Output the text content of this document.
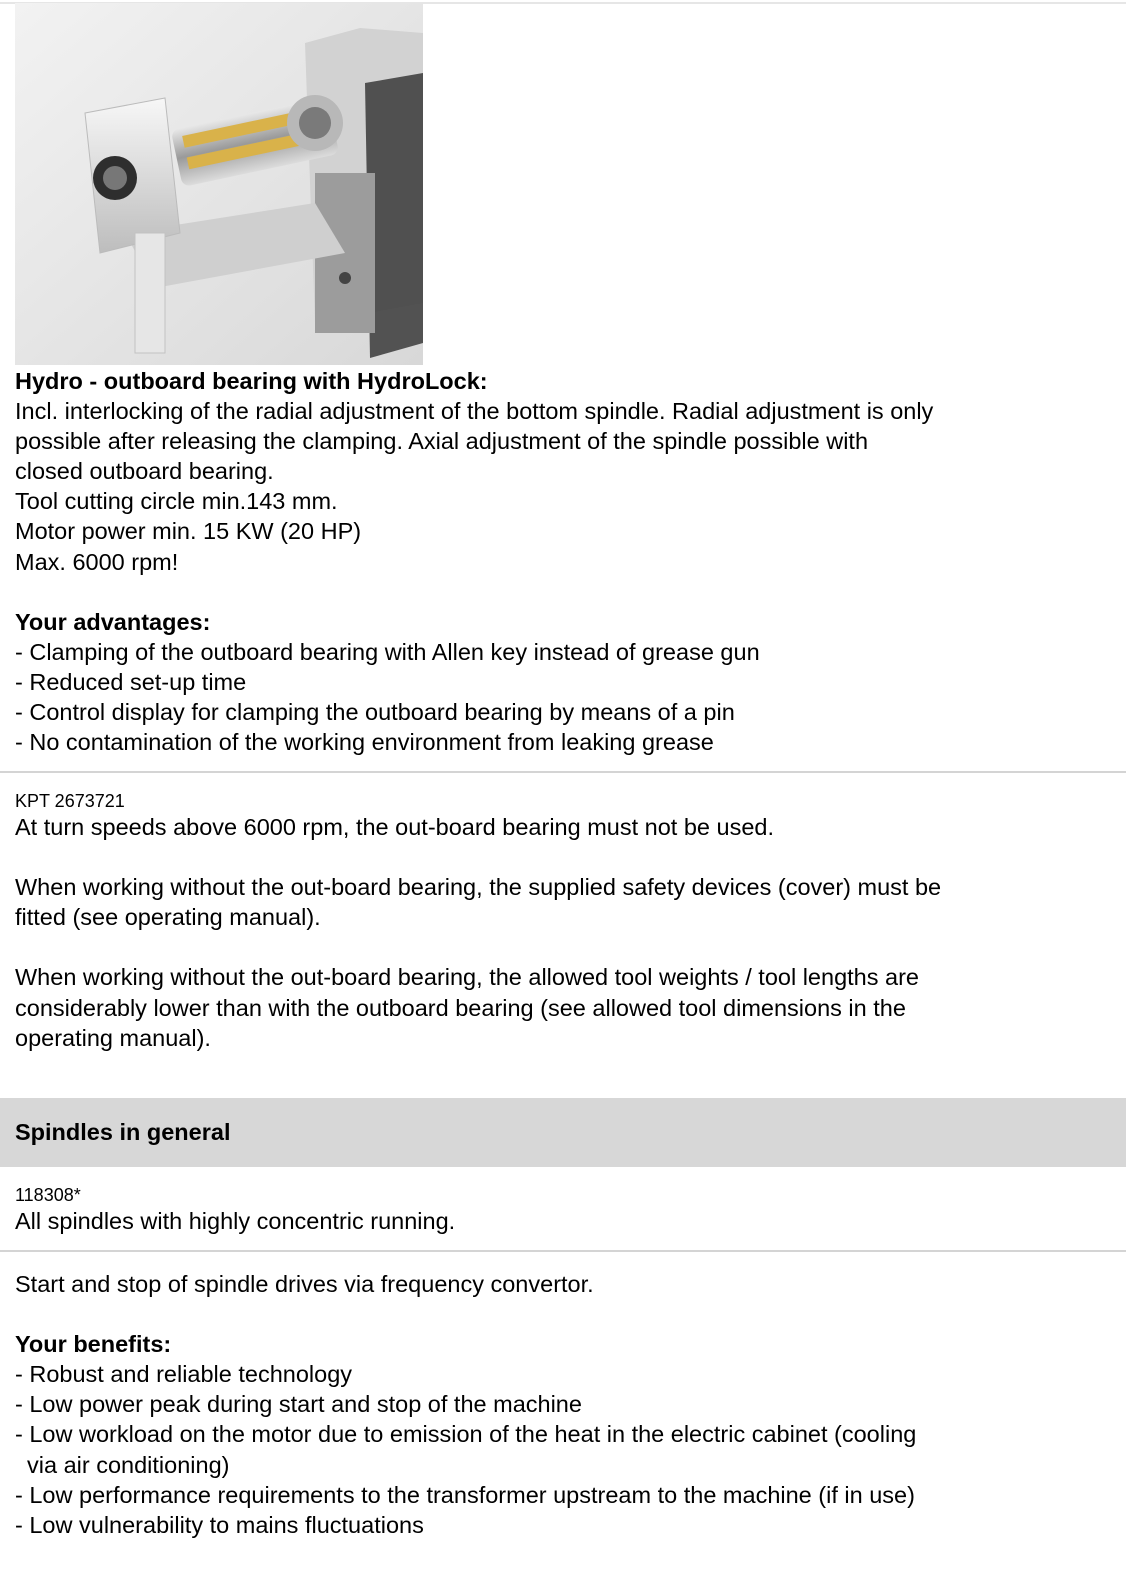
Hydro - outboard bearing with HydroLock:
Incl. interlocking of the radial adjustment of the bottom spindle. Radial adjustment is only
possible after releasing the clamping. Axial adjustment of the spindle possible with
closed outboard bearing.
Tool cutting circle min.143 mm.
Motor power min. 15 KW (20 HP)
Max. 6000 rpm!
Your advantages:
- Clamping of the outboard bearing with Allen key instead of grease gun
- Reduced set-up time
- Control display for clamping the outboard bearing by means of a pin
- No contamination of the working environment from leaking grease
KPT 2673721
At turn speeds above 6000 rpm, the out-board bearing must not be used.
When working without the out-board bearing, the supplied safety devices (cover) must be
fitted (see operating manual).
When working without the out-board bearing, the allowed tool weights / tool lengths are
considerably lower than with the outboard bearing (see allowed tool dimensions in the
operating manual).
Spindles in general
118308*
All spindles with highly concentric running.
Start and stop of spindle drives via frequency convertor.
Your benefits:
- Robust and reliable technology
- Low power peak during start and stop of the machine
- Low workload on the motor due to emission of the heat in the electric cabinet (cooling
via air conditioning)
- Low performance requirements to the transformer upstream to the machine (if in use)
- Low vulnerability to mains fluctuations
